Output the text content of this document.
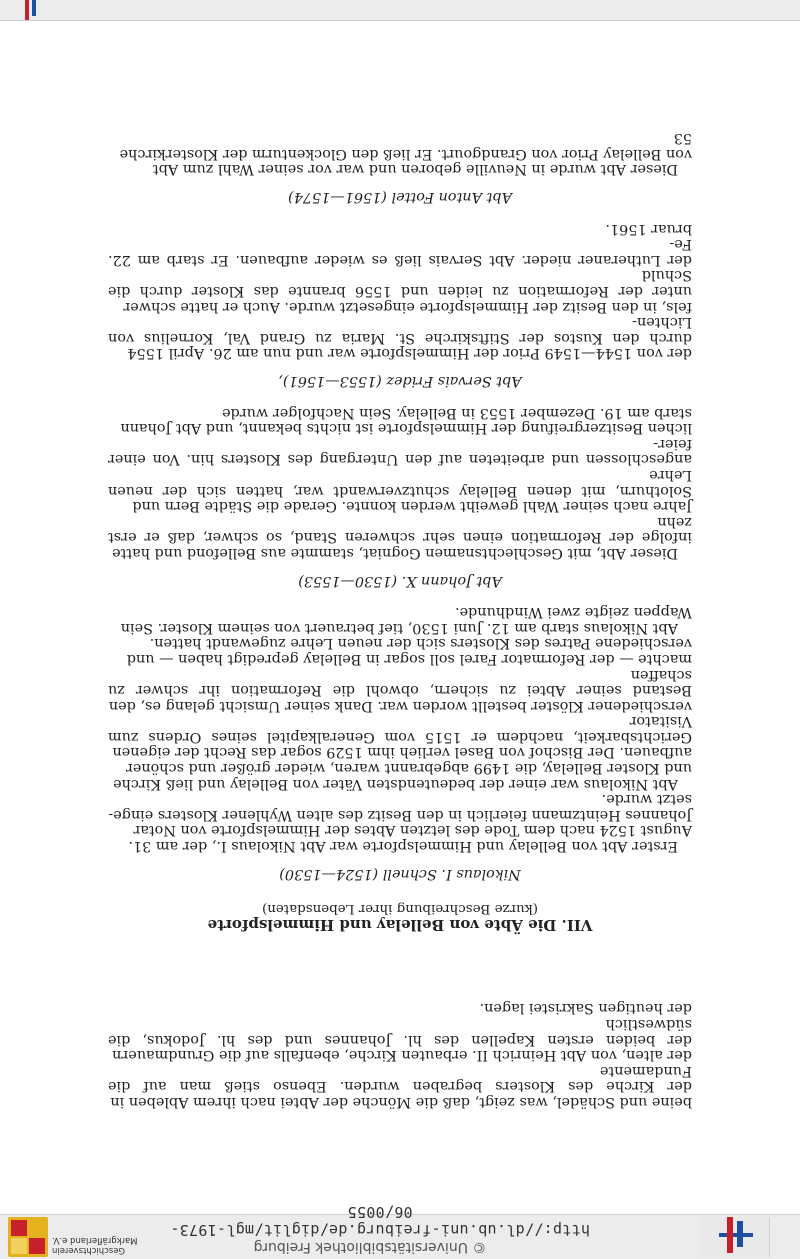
© Universitätsbibliothek Freiburg
http://dl.ub.uni-freiburg.de/diglit/mgl-1973-06/0055
Geschichtsverein
Markgräflerland e.V.

beine und Schädel, was zeigt, daß die Mönche der Abtei nach ihrem Ableben in

der Kirche des Klosters begraben wurden. Ebenso stieß man auf die Fundamente

der alten, von Abt Heinrich II. erbauten Kirche, ebenfalls auf die Grundmauern

der beiden ersten Kapellen des hl. Johannes und des hl. Jodokus, die südwestlich

der heutigen Sakristei lagen.

VII. Die Äbte von Bellelay und Himmelspforte

(kurze Beschreibung ihrer Lebensdaten)

Nikolaus I. Schnell (1524—1530)

Erster Abt von Bellelay und Himmelspforte war Abt Nikolaus I., der am 31.

August 1524 nach dem Tode des letzten Abtes der Himmelspforte von Notar

Johannes Heintzmann feierlich in den Besitz des alten Wyhlener Klosters einge-

setzt wurde.

Abt Nikolaus war einer der bedeutendsten Väter von Bellelay und ließ Kirche

und Kloster Bellelay, die 1499 abgebrannt waren, wieder größer und schöner

aufbauen. Der Bischof von Basel verlieh ihm 1529 sogar das Recht der eigenen

Gerichtsbarkeit, nachdem er 1515 vom Generalkapitel seines Ordens zum Visitator

verschiedener Klöster bestellt worden war. Dank seiner Umsicht gelang es, den

Bestand seiner Abtei zu sichern, obwohl die Reformation ihr schwer zu schaffen

machte — der Reformator Farel soll sogar in Bellelay gepredigt haben — und

verschiedene Patres des Klosters sich der neuen Lehre zugewandt hatten.

Abt Nikolaus starb am 12. Juni 1530, tief betrauert von seinem Kloster. Sein

Wappen zeigte zwei Windhunde.

Abt Johann X. (1530—1553)

Dieser Abt, mit Geschlechtsnamen Gogniat, stammte aus Bellefond und hatte

infolge der Reformation einen sehr schweren Stand, so schwer, daß er erst zehn

Jahre nach seiner Wahl geweiht werden konnte. Gerade die Städte Bern und

Solothurn, mit denen Bellelay schutzverwandt war, hatten sich der neuen Lehre

angeschlossen und arbeiteten auf den Untergang des Klosters hin. Von einer feier-

lichen Besitzergreifung der Himmelspforte ist nichts bekannt, und Abt Johann

starb am 19. Dezember 1553 in Bellelay. Sein Nachfolger wurde

Abt Servais Fridez (1553—1561),

der von 1544—1549 Prior der Himmelspforte war und nun am 26. April 1554

durch den Kustos der Stiftskirche St. Maria zu Grand Val, Kornelius von Lichten-

fels, in den Besitz der Himmelspforte eingesetzt wurde. Auch er hatte schwer

unter der Reformation zu leiden und 1556 brannte das Kloster durch die Schuld

der Lutheraner nieder. Abt Servais ließ es wieder aufbauen. Er starb am 22. Fe-

bruar 1561.

Abt Anton Fottel (1561—1574)

Dieser Abt wurde in Neuville geboren und war vor seiner Wahl zum Abt

von Bellelay Prior von Grandgourt. Er ließ den Glockenturm der Klosterkirche

53
